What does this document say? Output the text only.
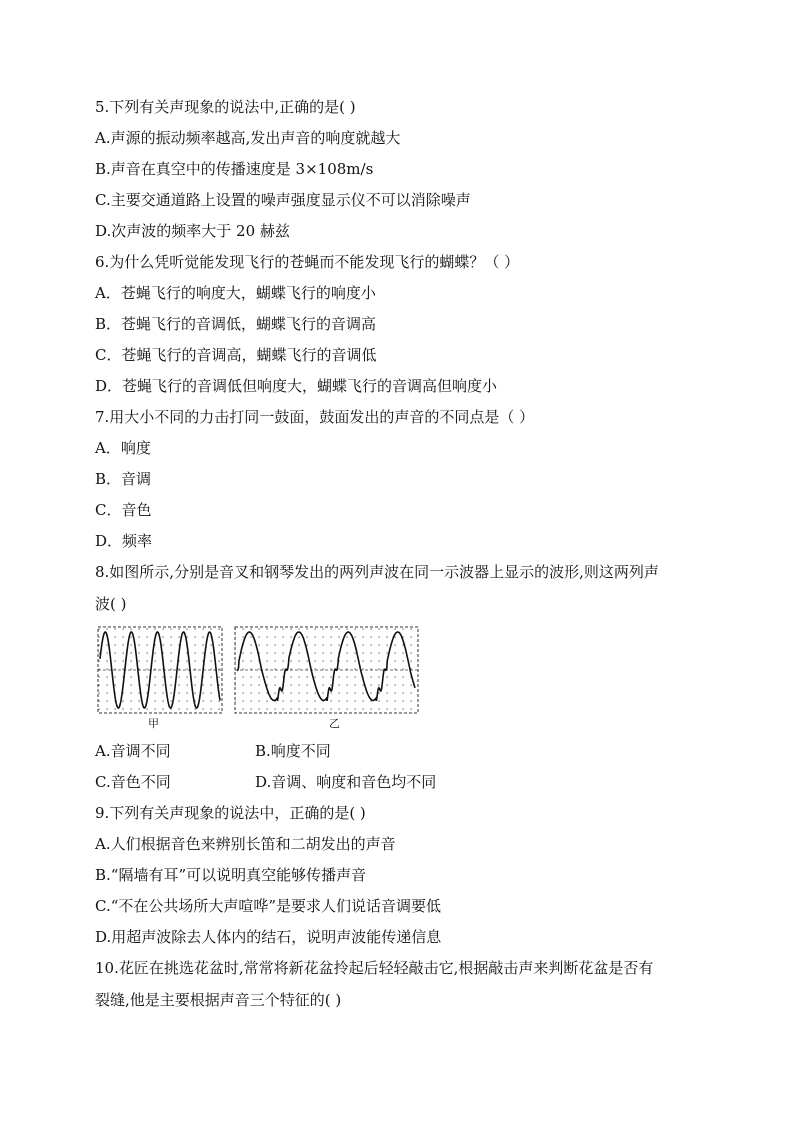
5.下列有关声现象的说法中,正确的是( )
A.声源的振动频率越高,发出声音的响度就越大
B.声音在真空中的传播速度是 3×108m/s
C.主要交通道路上设置的噪声强度显示仪不可以消除噪声
D.次声波的频率大于 20 赫兹
6.为什么凭听觉能发现飞行的苍蝇而不能发现飞行的蝴蝶？（ ）
A．苍蝇飞行的响度大，蝴蝶飞行的响度小
B．苍蝇飞行的音调低，蝴蝶飞行的音调高
C．苍蝇飞行的音调高，蝴蝶飞行的音调低
D．苍蝇飞行的音调低但响度大，蝴蝶飞行的音调高但响度小
7.用大小不同的力击打同一鼓面，鼓面发出的声音的不同点是（ ）
A．响度
B．音调
C．音色
D．频率
8.如图所示,分别是音叉和钢琴发出的两列声波在同一示波器上显示的波形,则这两列声
波( )
甲	乙
A.音调不同	B.响度不同
C.音色不同	D.音调、响度和音色均不同
9.下列有关声现象的说法中，正确的是( )
A.人们根据音色来辨别长笛和二胡发出的声音
B.“隔墙有耳”可以说明真空能够传播声音
C.“不在公共场所大声喧哗”是要求人们说话音调要低
D.用超声波除去人体内的结石，说明声波能传递信息
10.花匠在挑选花盆时,常常将新花盆拎起后轻轻敲击它,根据敲击声来判断花盆是否有
裂缝,他是主要根据声音三个特征的( )
